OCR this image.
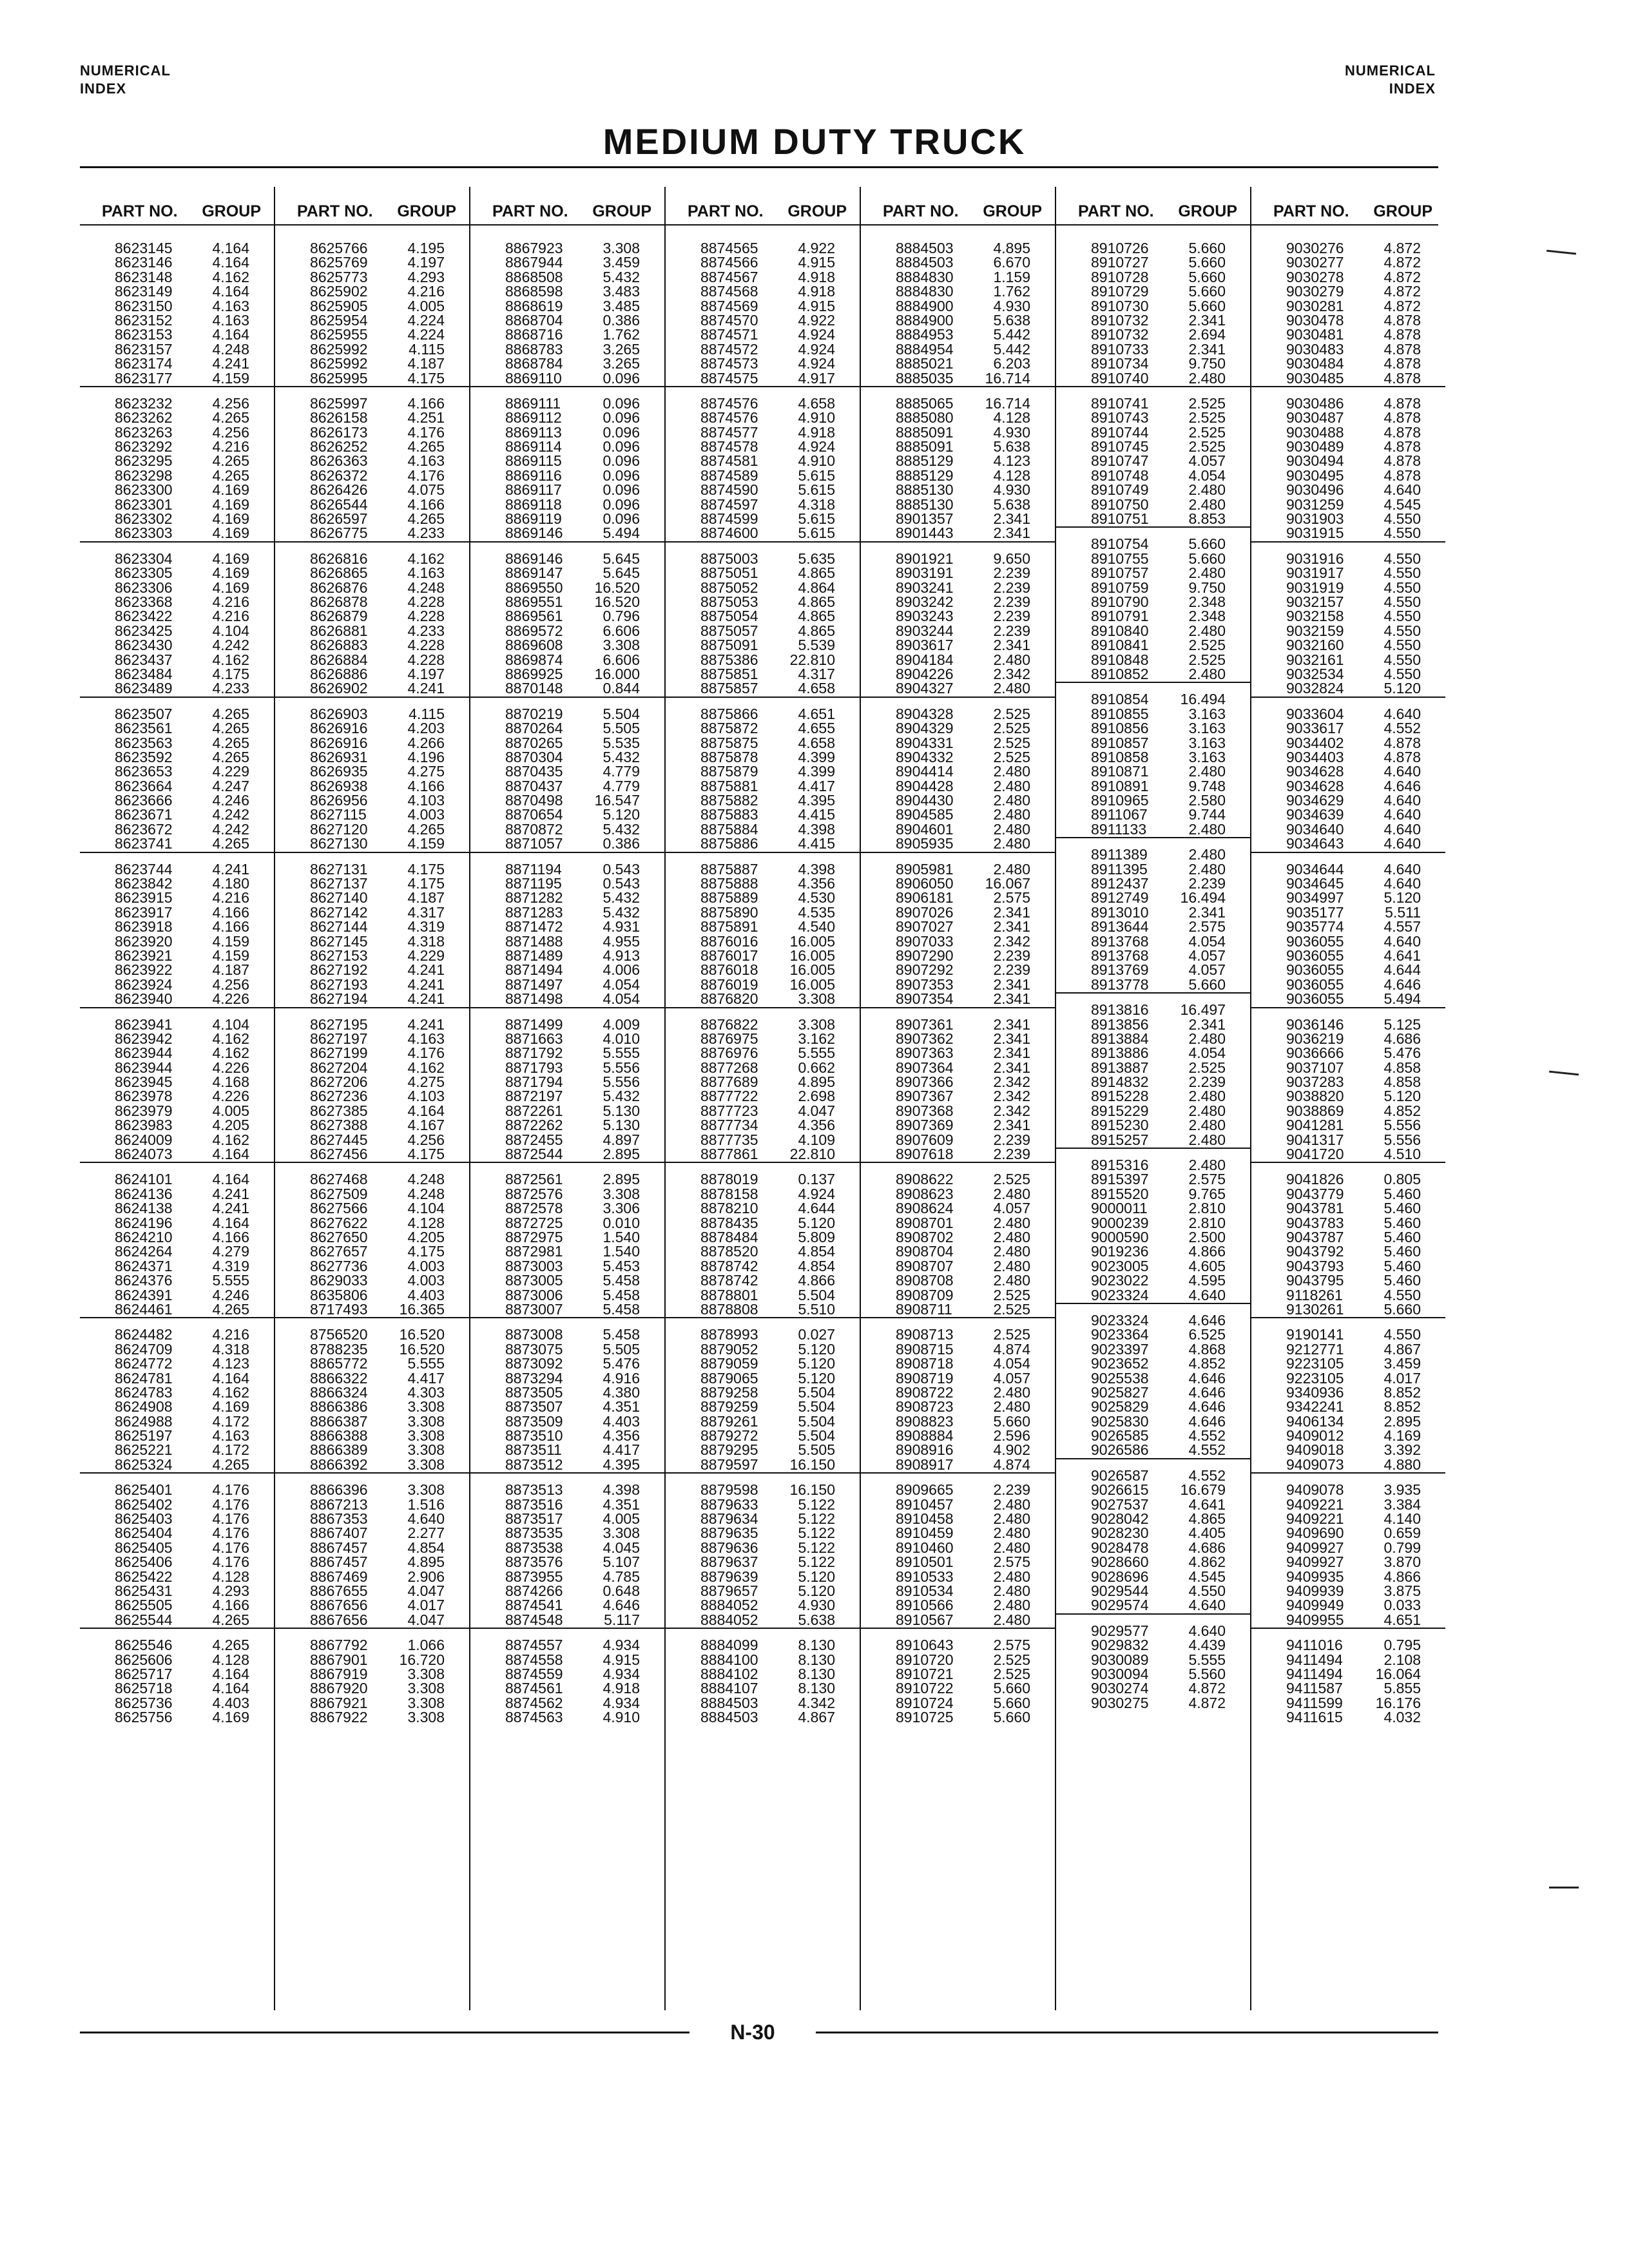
NUMERICAL
INDEX
NUMERICAL
INDEX
MEDIUM DUTY TRUCK
PART NO.	GROUP
8623145	4.164
8623146	4.164
8623148	4.162
8623149	4.164
8623150	4.163
8623152	4.163
8623153	4.164
8623157	4.248
8623174	4.241
8623177	4.159
8623232	4.256
8623262	4.265
8623263	4.256
8623292	4.216
8623295	4.265
8623298	4.265
8623300	4.169
8623301	4.169
8623302	4.169
8623303	4.169
8623304	4.169
8623305	4.169
8623306	4.169
8623368	4.216
8623422	4.216
8623425	4.104
8623430	4.242
8623437	4.162
8623484	4.175
8623489	4.233
8623507	4.265
8623561	4.265
8623563	4.265
8623592	4.265
8623653	4.229
8623664	4.247
8623666	4.246
8623671	4.242
8623672	4.242
8623741	4.265
8623744	4.241
8623842	4.180
8623915	4.216
8623917	4.166
8623918	4.166
8623920	4.159
8623921	4.159
8623922	4.187
8623924	4.256
8623940	4.226
8623941	4.104
8623942	4.162
8623944	4.162
8623944	4.226
8623945	4.168
8623978	4.226
8623979	4.005
8623983	4.205
8624009	4.162
8624073	4.164
8624101	4.164
8624136	4.241
8624138	4.241
8624196	4.164
8624210	4.166
8624264	4.279
8624371	4.319
8624376	5.555
8624391	4.246
8624461	4.265
8624482	4.216
8624709	4.318
8624772	4.123
8624781	4.164
8624783	4.162
8624908	4.169
8624988	4.172
8625197	4.163
8625221	4.172
8625324	4.265
8625401	4.176
8625402	4.176
8625403	4.176
8625404	4.176
8625405	4.176
8625406	4.176
8625422	4.128
8625431	4.293
8625505	4.166
8625544	4.265
8625546	4.265
8625606	4.128
8625717	4.164
8625718	4.164
8625736	4.403
8625756	4.169
PART NO.	GROUP
8625766	4.195
8625769	4.197
8625773	4.293
8625902	4.216
8625905	4.005
8625954	4.224
8625955	4.224
8625992	4.115
8625992	4.187
8625995	4.175
8625997	4.166
8626158	4.251
8626173	4.176
8626252	4.265
8626363	4.163
8626372	4.176
8626426	4.075
8626544	4.166
8626597	4.265
8626775	4.233
8626816	4.162
8626865	4.163
8626876	4.248
8626878	4.228
8626879	4.228
8626881	4.233
8626883	4.228
8626884	4.228
8626886	4.197
8626902	4.241
8626903	4.115
8626916	4.203
8626916	4.266
8626931	4.196
8626935	4.275
8626938	4.166
8626956	4.103
8627115	4.003
8627120	4.265
8627130	4.159
8627131	4.175
8627137	4.175
8627140	4.187
8627142	4.317
8627144	4.319
8627145	4.318
8627153	4.229
8627192	4.241
8627193	4.241
8627194	4.241
8627195	4.241
8627197	4.163
8627199	4.176
8627204	4.162
8627206	4.275
8627236	4.103
8627385	4.164
8627388	4.167
8627445	4.256
8627456	4.175
8627468	4.248
8627509	4.248
8627566	4.104
8627622	4.128
8627650	4.205
8627657	4.175
8627736	4.003
8629033	4.003
8635806	4.403
8717493	16.365
8756520	16.520
8788235	16.520
8865772	5.555
8866322	4.417
8866324	4.303
8866386	3.308
8866387	3.308
8866388	3.308
8866389	3.308
8866392	3.308
8866396	3.308
8867213	1.516
8867353	4.640
8867407	2.277
8867457	4.854
8867457	4.895
8867469	2.906
8867655	4.047
8867656	4.017
8867656	4.047
8867792	1.066
8867901	16.720
8867919	3.308
8867920	3.308
8867921	3.308
8867922	3.308
PART NO.	GROUP
8867923	3.308
8867944	3.459
8868508	5.432
8868598	3.483
8868619	3.485
8868704	0.386
8868716	1.762
8868783	3.265
8868784	3.265
8869110	0.096
8869111	0.096
8869112	0.096
8869113	0.096
8869114	0.096
8869115	0.096
8869116	0.096
8869117	0.096
8869118	0.096
8869119	0.096
8869146	5.494
8869146	5.645
8869147	5.645
8869550	16.520
8869551	16.520
8869561	0.796
8869572	6.606
8869608	3.308
8869874	6.606
8869925	16.000
8870148	0.844
8870219	5.504
8870264	5.505
8870265	5.535
8870304	5.432
8870435	4.779
8870437	4.779
8870498	16.547
8870654	5.120
8870872	5.432
8871057	0.386
8871194	0.543
8871195	0.543
8871282	5.432
8871283	5.432
8871472	4.931
8871488	4.955
8871489	4.913
8871494	4.006
8871497	4.054
8871498	4.054
8871499	4.009
8871663	4.010
8871792	5.555
8871793	5.556
8871794	5.556
8872197	5.432
8872261	5.130
8872262	5.130
8872455	4.897
8872544	2.895
8872561	2.895
8872576	3.308
8872578	3.306
8872725	0.010
8872975	1.540
8872981	1.540
8873003	5.453
8873005	5.458
8873006	5.458
8873007	5.458
8873008	5.458
8873075	5.505
8873092	5.476
8873294	4.916
8873505	4.380
8873507	4.351
8873509	4.403
8873510	4.356
8873511	4.417
8873512	4.395
8873513	4.398
8873516	4.351
8873517	4.005
8873535	3.308
8873538	4.045
8873576	5.107
8873955	4.785
8874266	0.648
8874541	4.646
8874548	5.117
8874557	4.934
8874558	4.915
8874559	4.934
8874561	4.918
8874562	4.934
8874563	4.910
PART NO.	GROUP
8874565	4.922
8874566	4.915
8874567	4.918
8874568	4.918
8874569	4.915
8874570	4.922
8874571	4.924
8874572	4.924
8874573	4.924
8874575	4.917
8874576	4.658
8874576	4.910
8874577	4.918
8874578	4.924
8874581	4.910
8874589	5.615
8874590	5.615
8874597	4.318
8874599	5.615
8874600	5.615
8875003	5.635
8875051	4.865
8875052	4.864
8875053	4.865
8875054	4.865
8875057	4.865
8875091	5.539
8875386	22.810
8875851	4.317
8875857	4.658
8875866	4.651
8875872	4.655
8875875	4.658
8875878	4.399
8875879	4.399
8875881	4.417
8875882	4.395
8875883	4.415
8875884	4.398
8875886	4.415
8875887	4.398
8875888	4.356
8875889	4.530
8875890	4.535
8875891	4.540
8876016	16.005
8876017	16.005
8876018	16.005
8876019	16.005
8876820	3.308
8876822	3.308
8876975	3.162
8876976	5.555
8877268	0.662
8877689	4.895
8877722	2.698
8877723	4.047
8877734	4.356
8877735	4.109
8877861	22.810
8878019	0.137
8878158	4.924
8878210	4.644
8878435	5.120
8878484	5.809
8878520	4.854
8878742	4.854
8878742	4.866
8878801	5.504
8878808	5.510
8878993	0.027
8879052	5.120
8879059	5.120
8879065	5.120
8879258	5.504
8879259	5.504
8879261	5.504
8879272	5.504
8879295	5.505
8879597	16.150
8879598	16.150
8879633	5.122
8879634	5.122
8879635	5.122
8879636	5.122
8879637	5.122
8879639	5.120
8879657	5.120
8884052	4.930
8884052	5.638
8884099	8.130
8884100	8.130
8884102	8.130
8884107	8.130
8884503	4.342
8884503	4.867
PART NO.	GROUP
8884503	4.895
8884503	6.670
8884830	1.159
8884830	1.762
8884900	4.930
8884900	5.638
8884953	5.442
8884954	5.442
8885021	6.203
8885035	16.714
8885065	16.714
8885080	4.128
8885091	4.930
8885091	5.638
8885129	4.123
8885129	4.128
8885130	4.930
8885130	5.638
8901357	2.341
8901443	2.341
8901921	9.650
8903191	2.239
8903241	2.239
8903242	2.239
8903243	2.239
8903244	2.239
8903617	2.341
8904184	2.480
8904226	2.342
8904327	2.480
8904328	2.525
8904329	2.525
8904331	2.525
8904332	2.525
8904414	2.480
8904428	2.480
8904430	2.480
8904585	2.480
8904601	2.480
8905935	2.480
8905981	2.480
8906050	16.067
8906181	2.575
8907026	2.341
8907027	2.341
8907033	2.342
8907290	2.239
8907292	2.239
8907353	2.341
8907354	2.341
8907361	2.341
8907362	2.341
8907363	2.341
8907364	2.341
8907366	2.342
8907367	2.342
8907368	2.342
8907369	2.341
8907609	2.239
8907618	2.239
8908622	2.525
8908623	2.480
8908624	4.057
8908701	2.480
8908702	2.480
8908704	2.480
8908707	2.480
8908708	2.480
8908709	2.525
8908711	2.525
8908713	2.525
8908715	4.874
8908718	4.054
8908719	4.057
8908722	2.480
8908723	2.480
8908823	5.660
8908884	2.596
8908916	4.902
8908917	4.874
8909665	2.239
8910457	2.480
8910458	2.480
8910459	2.480
8910460	2.480
8910501	2.575
8910533	2.480
8910534	2.480
8910566	2.480
8910567	2.480
8910643	2.575
8910720	2.525
8910721	2.525
8910722	5.660
8910724	5.660
8910725	5.660
PART NO.	GROUP
8910726	5.660
8910727	5.660
8910728	5.660
8910729	5.660
8910730	5.660
8910732	2.341
8910732	2.694
8910733	2.341
8910734	9.750
8910740	2.480
8910741	2.525
8910743	2.525
8910744	2.525
8910745	2.525
8910747	4.057
8910748	4.054
8910749	2.480
8910750	2.480
8910751	8.853
8910754	5.660
8910755	5.660
8910757	2.480
8910759	9.750
8910790	2.348
8910791	2.348
8910840	2.480
8910841	2.525
8910848	2.525
8910852	2.480
8910854	16.494
8910855	3.163
8910856	3.163
8910857	3.163
8910858	3.163
8910871	2.480
8910891	9.748
8910965	2.580
8911067	9.744
8911133	2.480
8911389	2.480
8911395	2.480
8912437	2.239
8912749	16.494
8913010	2.341
8913644	2.575
8913768	4.054
8913768	4.057
8913769	4.057
8913778	5.660
8913816	16.497
8913856	2.341
8913884	2.480
8913886	4.054
8913887	2.525
8914832	2.239
8915228	2.480
8915229	2.480
8915230	2.480
8915257	2.480
8915316	2.480
8915397	2.575
8915520	9.765
9000011	2.810
9000239	2.810
9000590	2.500
9019236	4.866
9023005	4.605
9023022	4.595
9023324	4.640
9023324	4.646
9023364	6.525
9023397	4.868
9023652	4.852
9025538	4.646
9025827	4.646
9025829	4.646
9025830	4.646
9026585	4.552
9026586	4.552
9026587	4.552
9026615	16.679
9027537	4.641
9028042	4.865
9028230	4.405
9028478	4.686
9028660	4.862
9028696	4.545
9029544	4.550
9029574	4.640
9029577	4.640
9029832	4.439
9030089	5.555
9030094	5.560
9030274	4.872
9030275	4.872
PART NO.	GROUP
9030276	4.872
9030277	4.872
9030278	4.872
9030279	4.872
9030281	4.872
9030478	4.878
9030481	4.878
9030483	4.878
9030484	4.878
9030485	4.878
9030486	4.878
9030487	4.878
9030488	4.878
9030489	4.878
9030494	4.878
9030495	4.878
9030496	4.640
9031259	4.545
9031903	4.550
9031915	4.550
9031916	4.550
9031917	4.550
9031919	4.550
9032157	4.550
9032158	4.550
9032159	4.550
9032160	4.550
9032161	4.550
9032534	4.550
9032824	5.120
9033604	4.640
9033617	4.552
9034402	4.878
9034403	4.878
9034628	4.640
9034628	4.646
9034629	4.640
9034639	4.640
9034640	4.640
9034643	4.640
9034644	4.640
9034645	4.640
9034997	5.120
9035177	5.511
9035774	4.557
9036055	4.640
9036055	4.641
9036055	4.644
9036055	4.646
9036055	5.494
9036146	5.125
9036219	4.686
9036666	5.476
9037107	4.858
9037283	4.858
9038820	5.120
9038869	4.852
9041281	5.556
9041317	5.556
9041720	4.510
9041826	0.805
9043779	5.460
9043781	5.460
9043783	5.460
9043787	5.460
9043792	5.460
9043793	5.460
9043795	5.460
9118261	4.550
9130261	5.660
9190141	4.550
9212771	4.867
9223105	3.459
9223105	4.017
9340936	8.852
9342241	8.852
9406134	2.895
9409012	4.169
9409018	3.392
9409073	4.880
9409078	3.935
9409221	3.384
9409221	4.140
9409690	0.659
9409927	0.799
9409927	3.870
9409935	4.866
9409939	3.875
9409949	0.033
9409955	4.651
9411016	0.795
9411494	2.108
9411494	16.064
9411587	5.855
9411599	16.176
9411615	4.032
N-30
